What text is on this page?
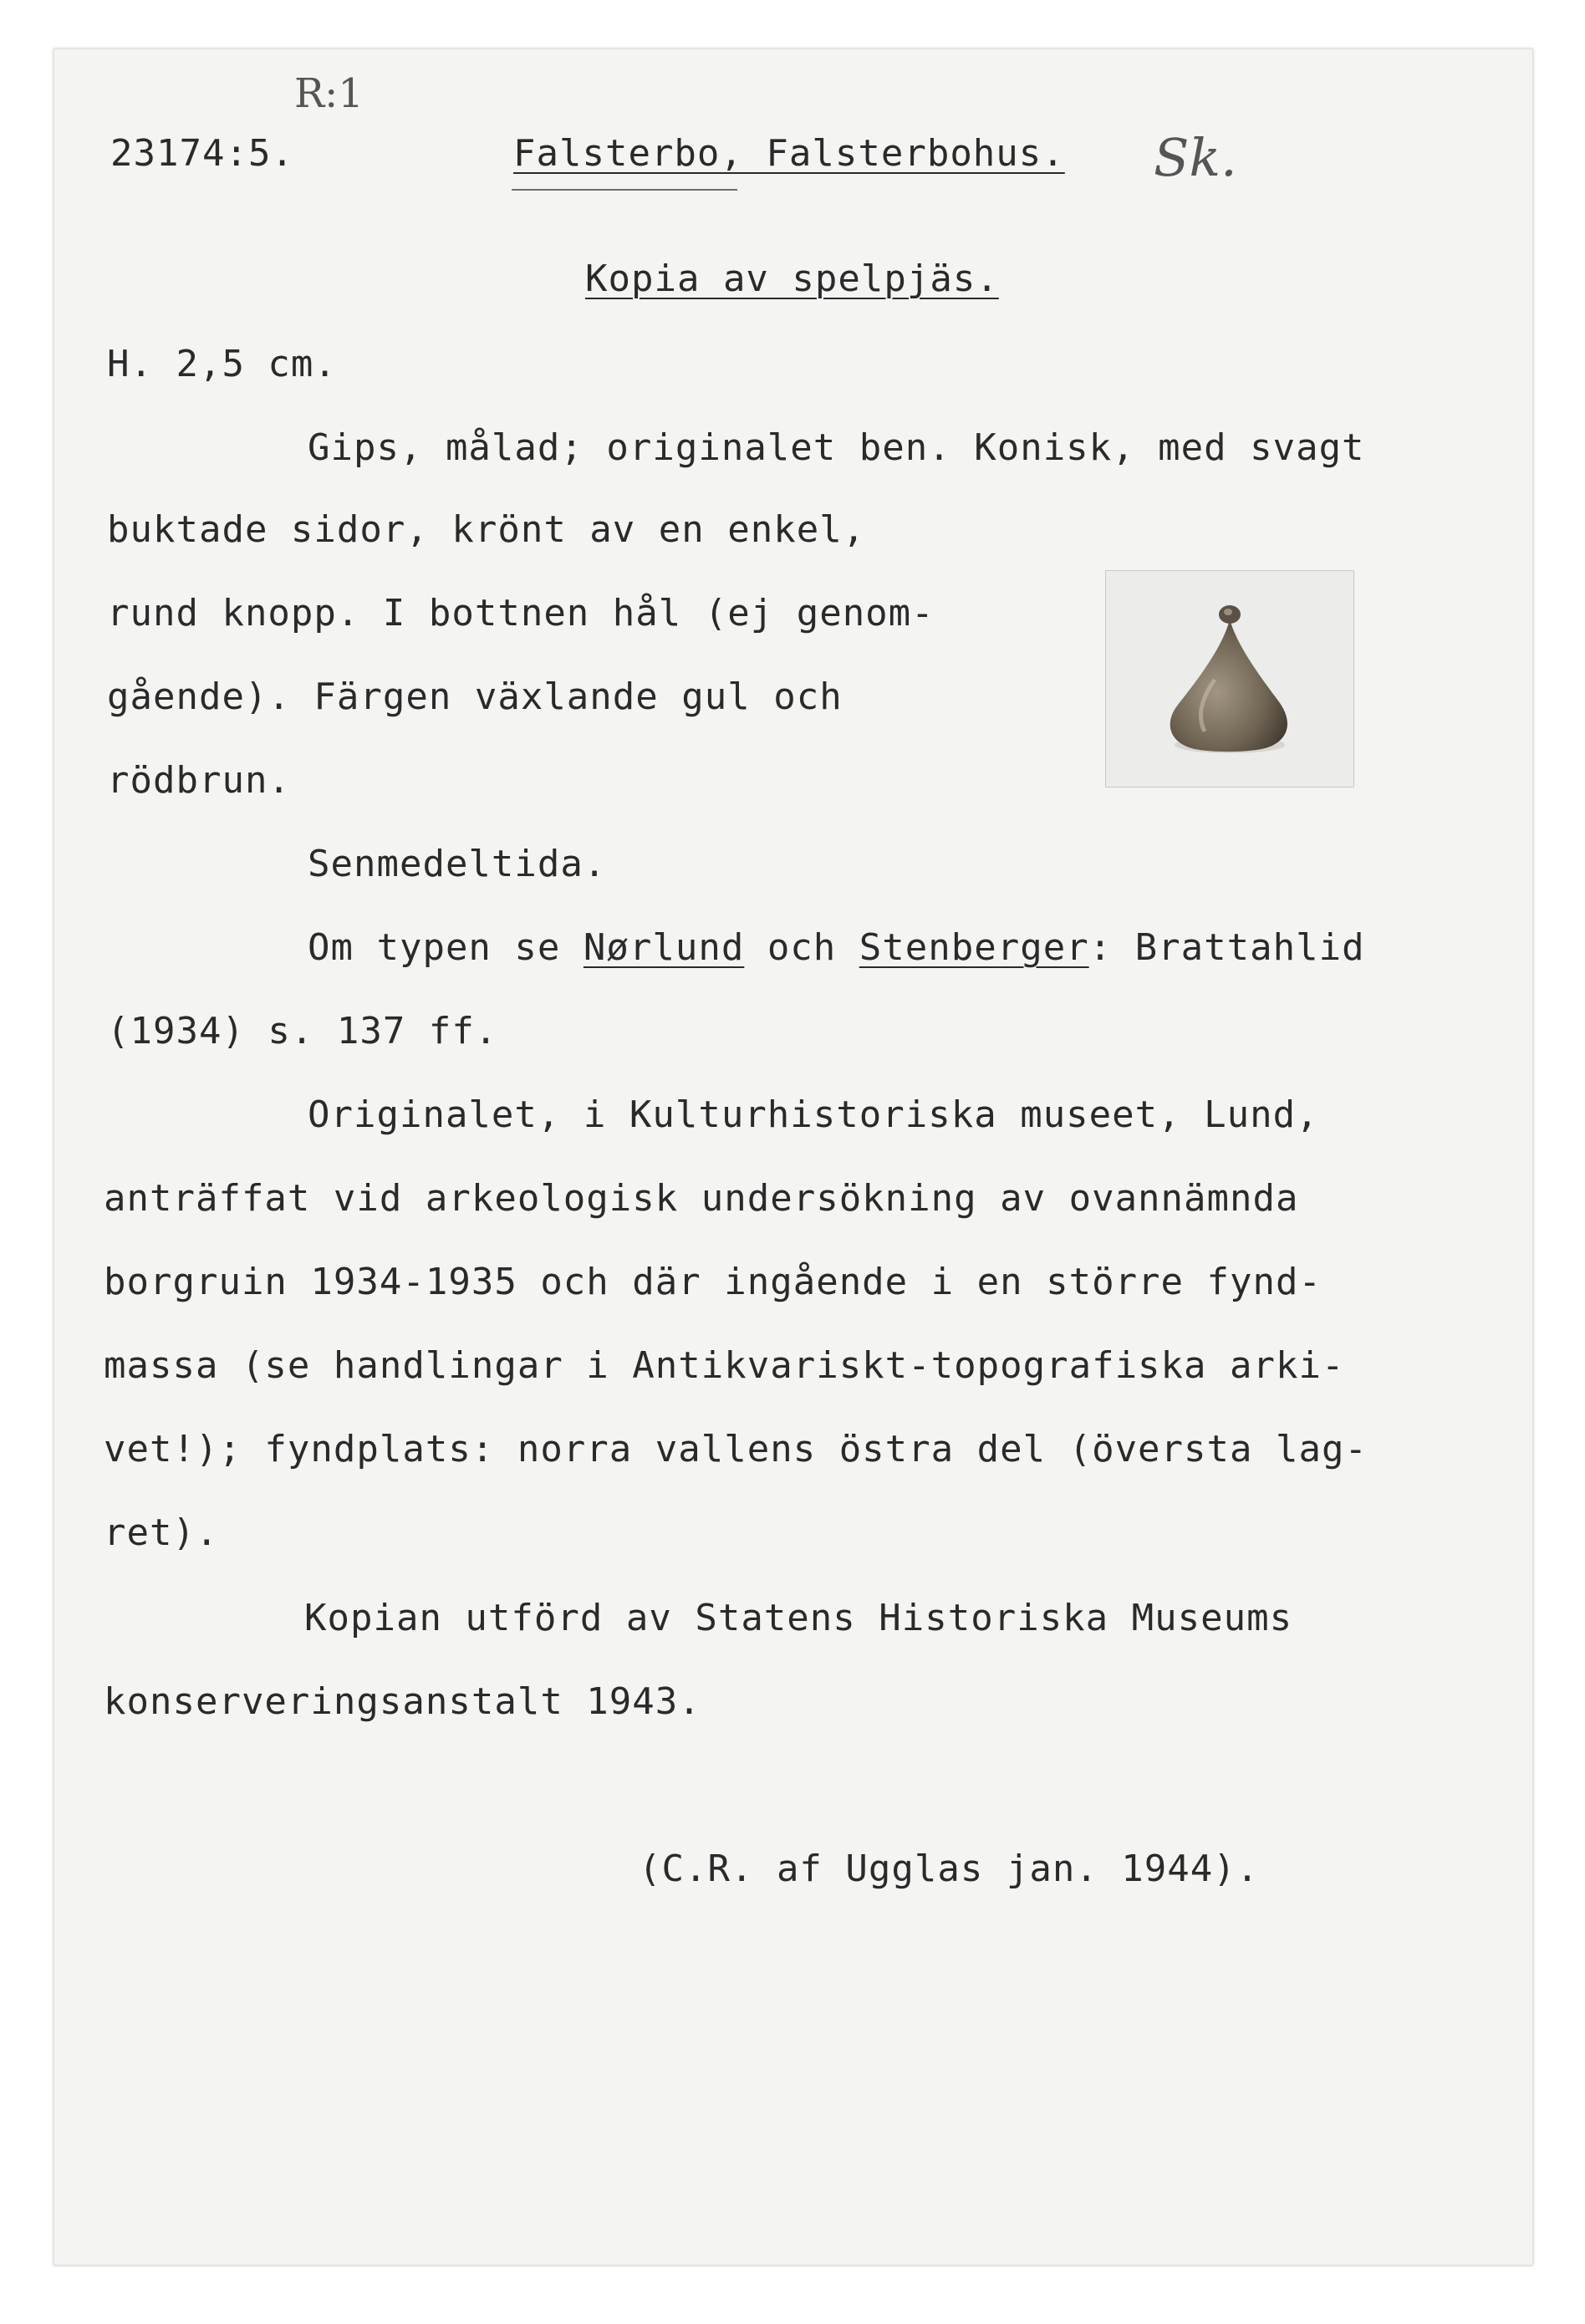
R:1
23174:5.	Falsterbo, Falsterbohus. Sk.
Kopia av spelpjäs.
H. 2,5 cm.
Gips, målad; originalet ben. Konisk, med svagt
buktade sidor, krönt av en enkel,
rund knopp. I bottnen hål (ej genom-
gående). Färgen växlande gul och
rödbrun.
Senmedeltida.
Om typen se Nørlund och Stenberger: Brattahlid
(1934) s. 137 ff.
Originalet, i Kulturhistoriska museet, Lund,
anträffat vid arkeologisk undersökning av ovannämnda
borgruin 1934-1935 och där ingående i en större fynd-
massa (se handlingar i Antikvariskt-topografiska arki-
vet!); fyndplats: norra vallens östra del (översta lag-
ret).
Kopian utförd av Statens Historiska Museums
konserveringsanstalt 1943.
(C.R. af Ugglas jan. 1944).
